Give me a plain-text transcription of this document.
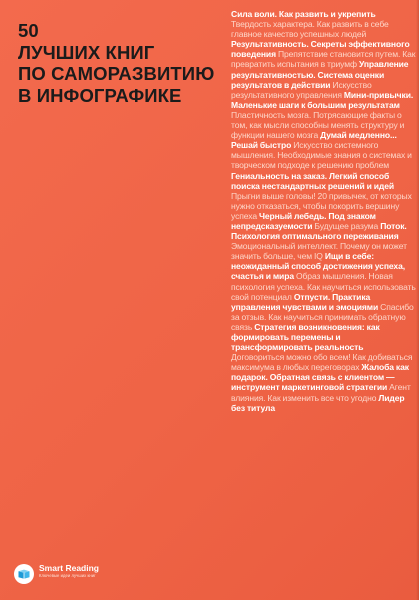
50
ЛУЧШИХ КНИГ
ПО САМОРАЗВИТИЮ
В ИНФОГРАФИКЕ

Сила воли. Как развить и укрепить Твердость характера. Как развить в себе главное качество успешных людей Результативность. Секреты эффективного поведения Препятствие становится путем. Как превратить испытания в триумф Управление результативностью. Система оценки результатов в действии Искусство результативного управления Мини-привычки. Маленькие шаги к большим результатам Пластичность мозга. Потрясающие факты о том, как мысли способны менять структуру и функции нашего мозга Думай медленно... Решай быстро Искусство системного мышления. Необходимые знания о системах и творческом подходе к решению проблем Гениальность на заказ. Легкий способ поиска нестандартных решений и идей Прыгни выше головы! 20 привычек, от которых нужно отказаться, чтобы покорить вершину успеха Черный лебедь. Под знаком непредсказуемости Будущее разума Поток. Психология оптимального переживания Эмоциональный интеллект. Почему он может значить больше, чем IQ Ищи в себе: неожиданный способ достижения успеха, счастья и мира Образ мышления. Новая психология успеха. Как научиться использовать свой потенциал Отпусти. Практика управления чувствами и эмоциями Спасибо за отзыв. Как научиться принимать обратную связь Стратегия возникновения: как формировать перемены и трансформировать реальность Договориться можно обо всем! Как добиваться максимума в любых переговорах Жалоба как подарок. Обратная связь с клиентом — инструмент маркетинговой стратегии Агент влияния. Как изменить все что угодно Лидер без титула

Smart Reading
Ключевые идеи лучших книг
